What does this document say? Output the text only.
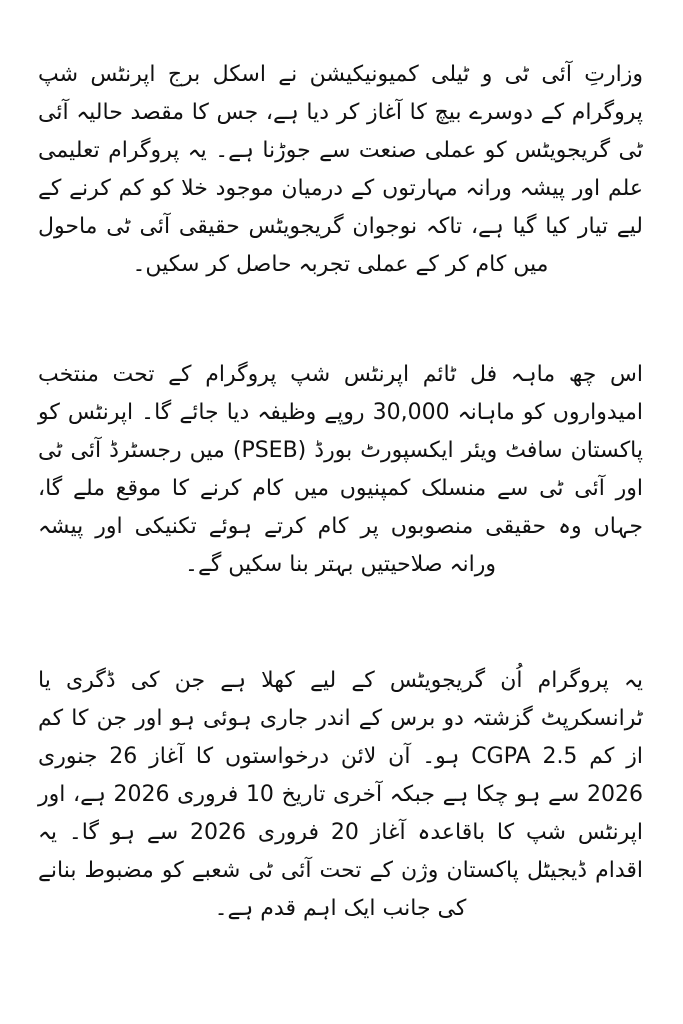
وزارتِ آئی ٹی و ٹیلی کمیونیکیشن نے اسکل برج اپرنٹس شپ پروگرام کے دوسرے بیچ کا آغاز کر دیا ہے، جس کا مقصد حالیہ آئی ٹی گریجویٹس کو عملی صنعت سے جوڑنا ہے۔ یہ پروگرام تعلیمی علم اور پیشہ ورانہ مہارتوں کے درمیان موجود خلا کو کم کرنے کے لیے تیار کیا گیا ہے، تاکہ نوجوان گریجویٹس حقیقی آئی ٹی ماحول میں کام کر کے عملی تجربہ حاصل کر سکیں۔

اس چھ ماہہ فل ٹائم اپرنٹس شپ پروگرام کے تحت منتخب امیدواروں کو ماہانہ 30,000 روپے وظیفہ دیا جائے گا۔ اپرنٹس کو پاکستان سافٹ ویئر ایکسپورٹ بورڈ (PSEB) میں رجسٹرڈ آئی ٹی اور آئی ٹی سے منسلک کمپنیوں میں کام کرنے کا موقع ملے گا، جہاں وہ حقیقی منصوبوں پر کام کرتے ہوئے تکنیکی اور پیشہ ورانہ صلاحیتیں بہتر بنا سکیں گے۔

یہ پروگرام اُن گریجویٹس کے لیے کھلا ہے جن کی ڈگری یا ٹرانسکرپٹ گزشتہ دو برس کے اندر جاری ہوئی ہو اور جن کا کم از کم CGPA 2.5 ہو۔ آن لائن درخواستوں کا آغاز 26 جنوری 2026 سے ہو چکا ہے جبکہ آخری تاریخ 10 فروری 2026 ہے، اور اپرنٹس شپ کا باقاعدہ آغاز 20 فروری 2026 سے ہو گا۔ یہ اقدام ڈیجیٹل پاکستان وژن کے تحت آئی ٹی شعبے کو مضبوط بنانے کی جانب ایک اہم قدم ہے۔
